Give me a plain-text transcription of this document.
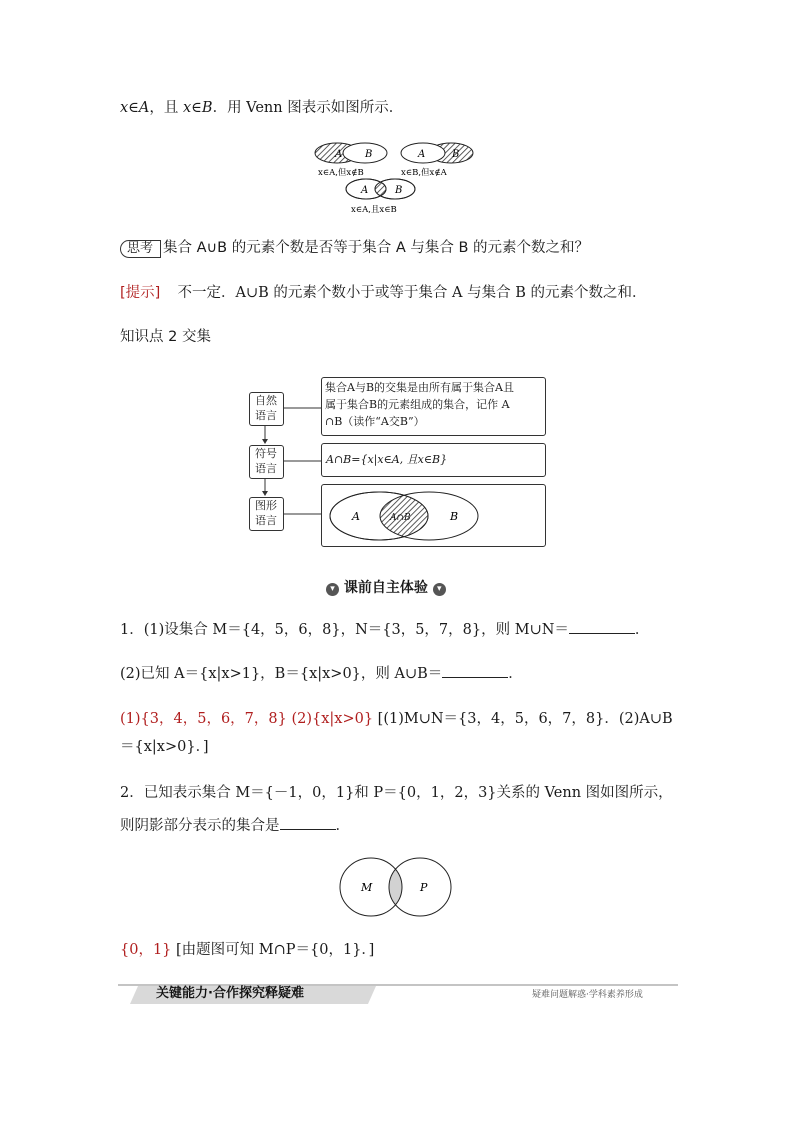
x∈A，且 x∈B．用 Venn 图表示如图所示．
A B
x∈A,但x∉B
A	B
x∈B,但x∉A
A	B
x∈A,且x∈B
思考 集合 A∪B 的元素个数是否等于集合 A 与集合 B 的元素个数之和？
[提示] 不一定．A∪B 的元素个数小于或等于集合 A 与集合 B 的元素个数之和．
知识点 2 交集
自然
语言
符号
语言
图形
语言
集合A与B的交集是由所有属于集合A且
属于集合B的元素组成的集合，记作 A
∩B（读作“A交B”）
A∩B={x|x∈A, 且x∈B}
A	A∩B	B
▾ 课前自主体验 ▾
1．(1)设集合 M＝{4，5，6，8}，N＝{3，5，7，8}，则 M∪N＝	．
(2)已知 A＝{x|x>1}，B＝{x|x>0}，则 A∪B＝	．
(1){3，4，5，6，7，8} (2){x|x>0} [(1)M∪N＝{3，4，5，6，7，8}．(2)A∪B
＝{x|x>0}．]
2．已知表示集合 M＝{－1，0，1}和 P＝{0，1，2，3}关系的 Venn 图如图所示，
则阴影部分表示的集合是	．
M	P
{0，1} [由题图可知 M∩P＝{0，1}．]
关键能力·合作探究释疑难	疑难问题解惑·学科素养形成
